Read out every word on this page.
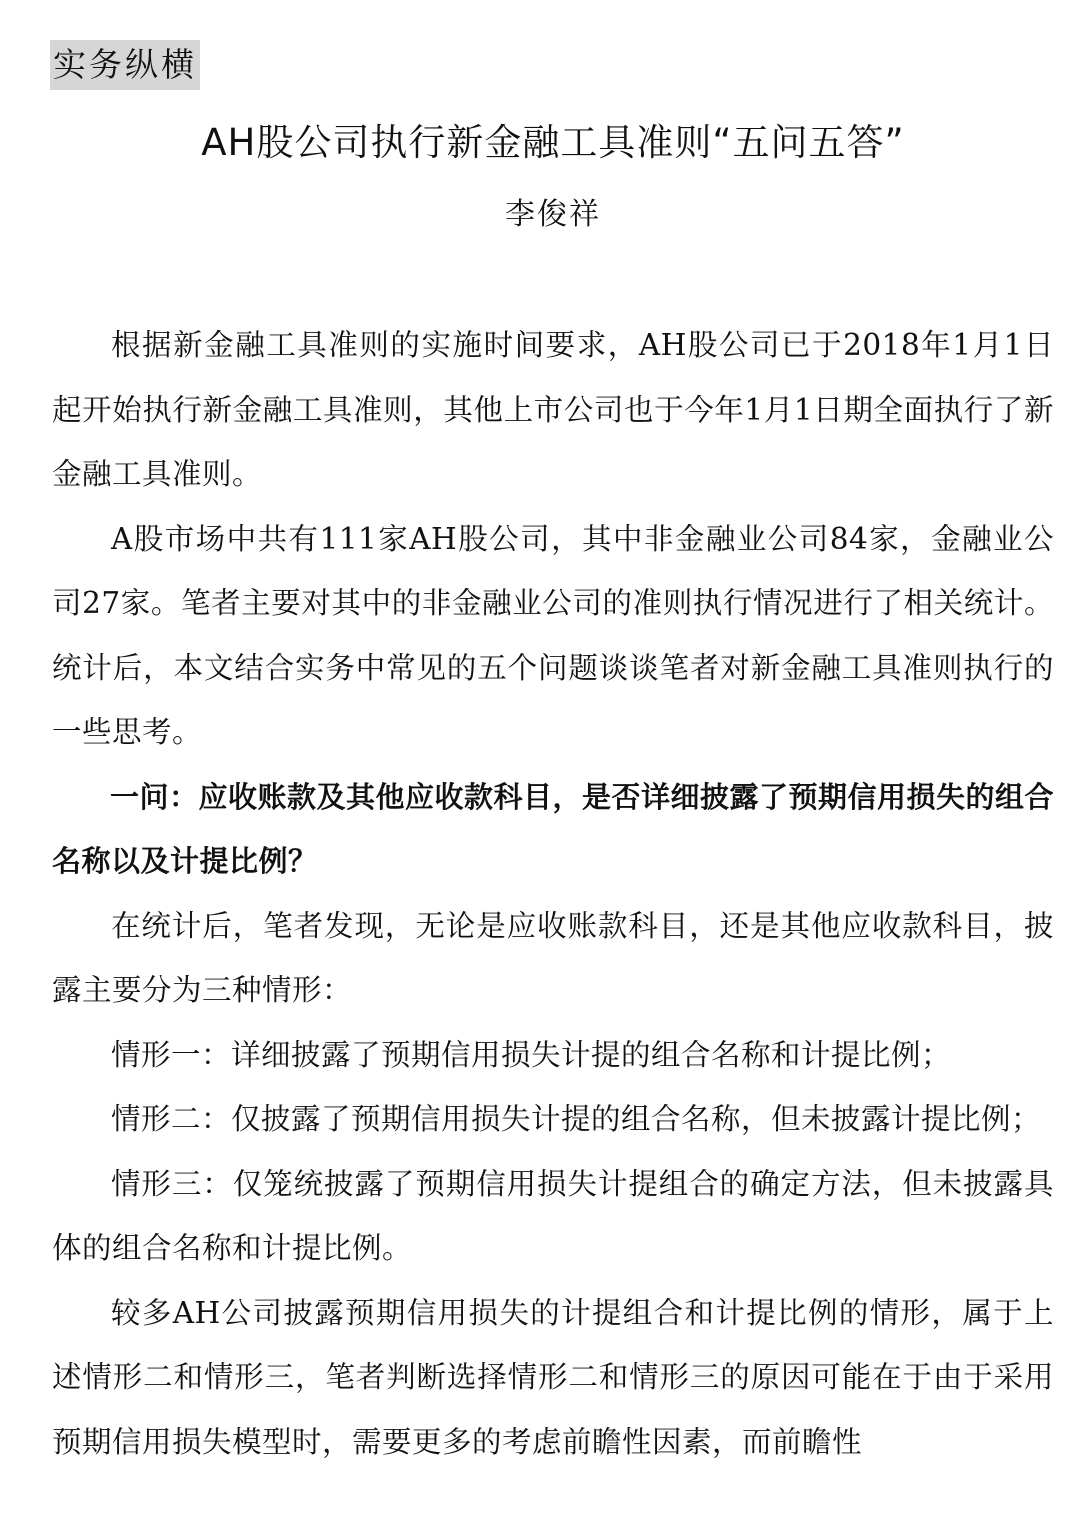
实务纵横
AH股公司执行新金融工具准则“五问五答”
李俊祥

根据新金融工具准则的实施时间要求，AH股公司已于2018年1月1日起开始执行新金融工具准则，其他上市公司也于今年1月1日期全面执行了新金融工具准则。

A股市场中共有111家AH股公司，其中非金融业公司84家，金融业公司27家。笔者主要对其中的非金融业公司的准则执行情况进行了相关统计。统计后，本文结合实务中常见的五个问题谈谈笔者对新金融工具准则执行的一些思考。

一问：应收账款及其他应收款科目，是否详细披露了预期信用损失的组合名称以及计提比例？

在统计后，笔者发现，无论是应收账款科目，还是其他应收款科目，披露主要分为三种情形：

情形一：详细披露了预期信用损失计提的组合名称和计提比例；

情形二：仅披露了预期信用损失计提的组合名称，但未披露计提比例；

情形三：仅笼统披露了预期信用损失计提组合的确定方法，但未披露具体的组合名称和计提比例。

较多AH公司披露预期信用损失的计提组合和计提比例的情形，属于上述情形二和情形三，笔者判断选择情形二和情形三的原因可能在于由于采用预期信用损失模型时，需要更多的考虑前瞻性因素，而前瞻性
